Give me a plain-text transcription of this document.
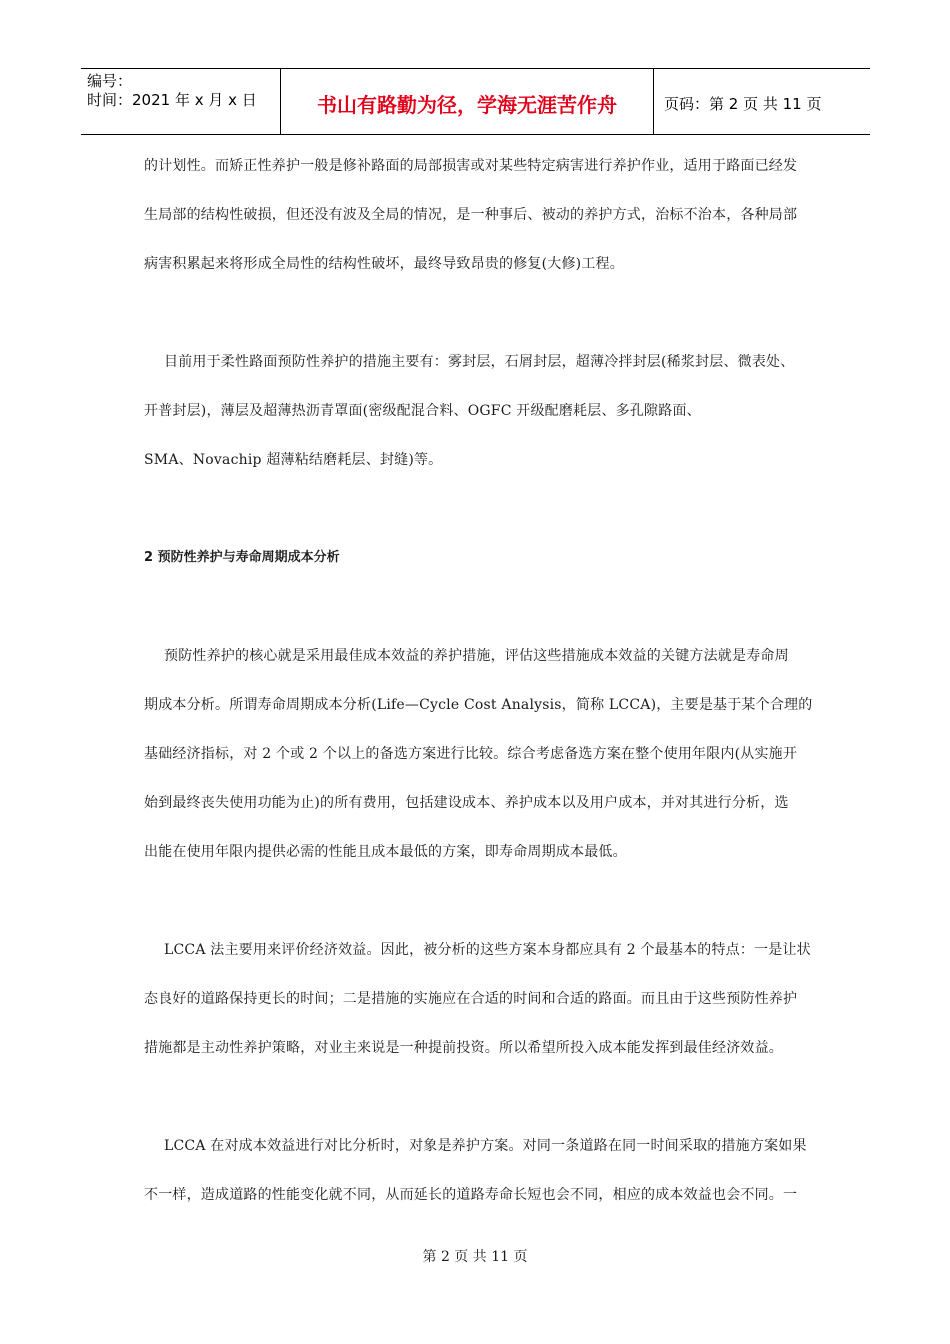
编号：
时间：2021 年 x 月 x 日	书山有路勤为径，学海无涯苦作舟	页码：第 2 页 共 11 页

的计划性。而矫正性养护一般是修补路面的局部损害或对某些特定病害进行养护作业，适用于路面已经发

生局部的结构性破损，但还没有波及全局的情况，是一种事后、被动的养护方式，治标不治本，各种局部

病害积累起来将形成全局性的结构性破坏，最终导致昂贵的修复(大修)工程。

目前用于柔性路面预防性养护的措施主要有：雾封层，石屑封层，超薄冷拌封层(稀浆封层、微表处、

开普封层)，薄层及超薄热沥青罩面(密级配混合料、OGFC 开级配磨耗层、多孔隙路面、

SMA、Novachip 超薄粘结磨耗层、封缝)等。

2 预防性养护与寿命周期成本分析

预防性养护的核心就是采用最佳成本效益的养护措施，评估这些措施成本效益的关键方法就是寿命周

期成本分析。所谓寿命周期成本分析(Life—Cycle Cost Analysis，简称 LCCA)，主要是基于某个合理的

基础经济指标，对 2 个或 2 个以上的备选方案进行比较。综合考虑备选方案在整个使用年限内(从实施开

始到最终丧失使用功能为止)的所有费用，包括建设成本、养护成本以及用户成本，并对其进行分析，选

出能在使用年限内提供必需的性能且成本最低的方案，即寿命周期成本最低。

LCCA 法主要用来评价经济效益。因此，被分析的这些方案本身都应具有 2 个最基本的特点：一是让状

态良好的道路保持更长的时间；二是措施的实施应在合适的时间和合适的路面。而且由于这些预防性养护

措施都是主动性养护策略，对业主来说是一种提前投资。所以希望所投入成本能发挥到最佳经济效益。

LCCA 在对成本效益进行对比分析时，对象是养护方案。对同一条道路在同一时间采取的措施方案如果

不一样，造成道路的性能变化就不同，从而延长的道路寿命长短也会不同，相应的成本效益也会不同。一

第 2 页 共 11 页
